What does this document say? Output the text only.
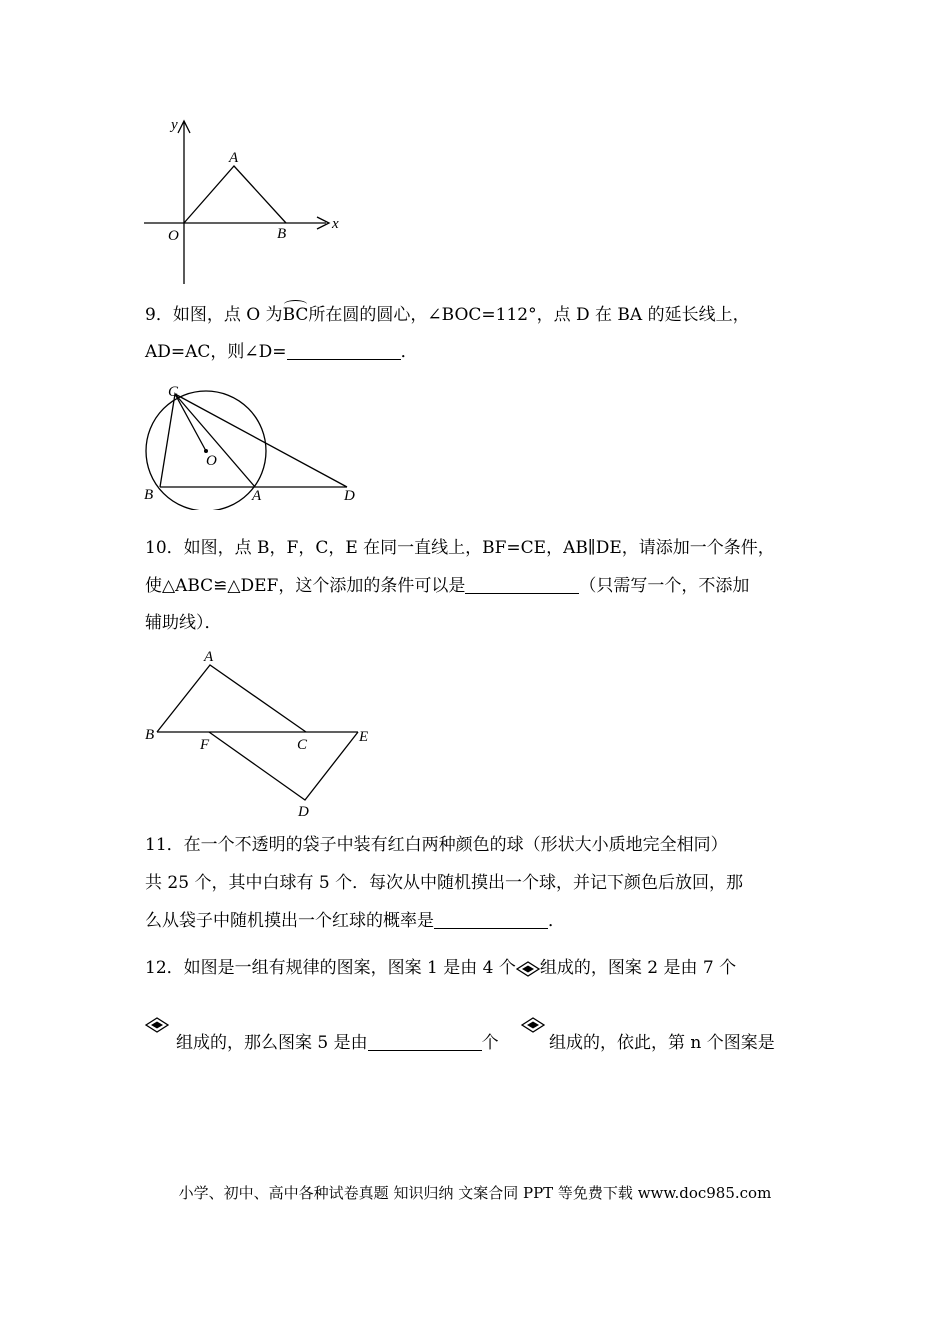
y
x
O
A
B
9．如图，点 O 为BC所在圆的圆心，∠BOC=112°，点 D 在 BA 的延长线上，
AD=AC，则∠D=	．
C
O
B	A	D
10．如图，点 B，F，C，E 在同一直线上，BF=CE，AB∥DE，请添加一个条件，
使△ABC≌△DEF，这个添加的条件可以是	（只需写一个，不添加
辅助线）．
A
B
F	C	E
D
11．在一个不透明的袋子中装有红白两种颜色的球（形状大小质地完全相同）
共 25 个，其中白球有 5 个．每次从中随机摸出一个球，并记下颜色后放回，那
么从袋子中随机摸出一个红球的概率是	．
12．如图是一组有规律的图案，图案 1 是由 4 个 组成的，图案 2 是由 7 个
组成的，那么图案 5 是由	个	组成的，依此，第 n 个图案是
小学、初中、高中各种试卷真题 知识归纳 文案合同 PPT 等免费下载 www.doc985.com
